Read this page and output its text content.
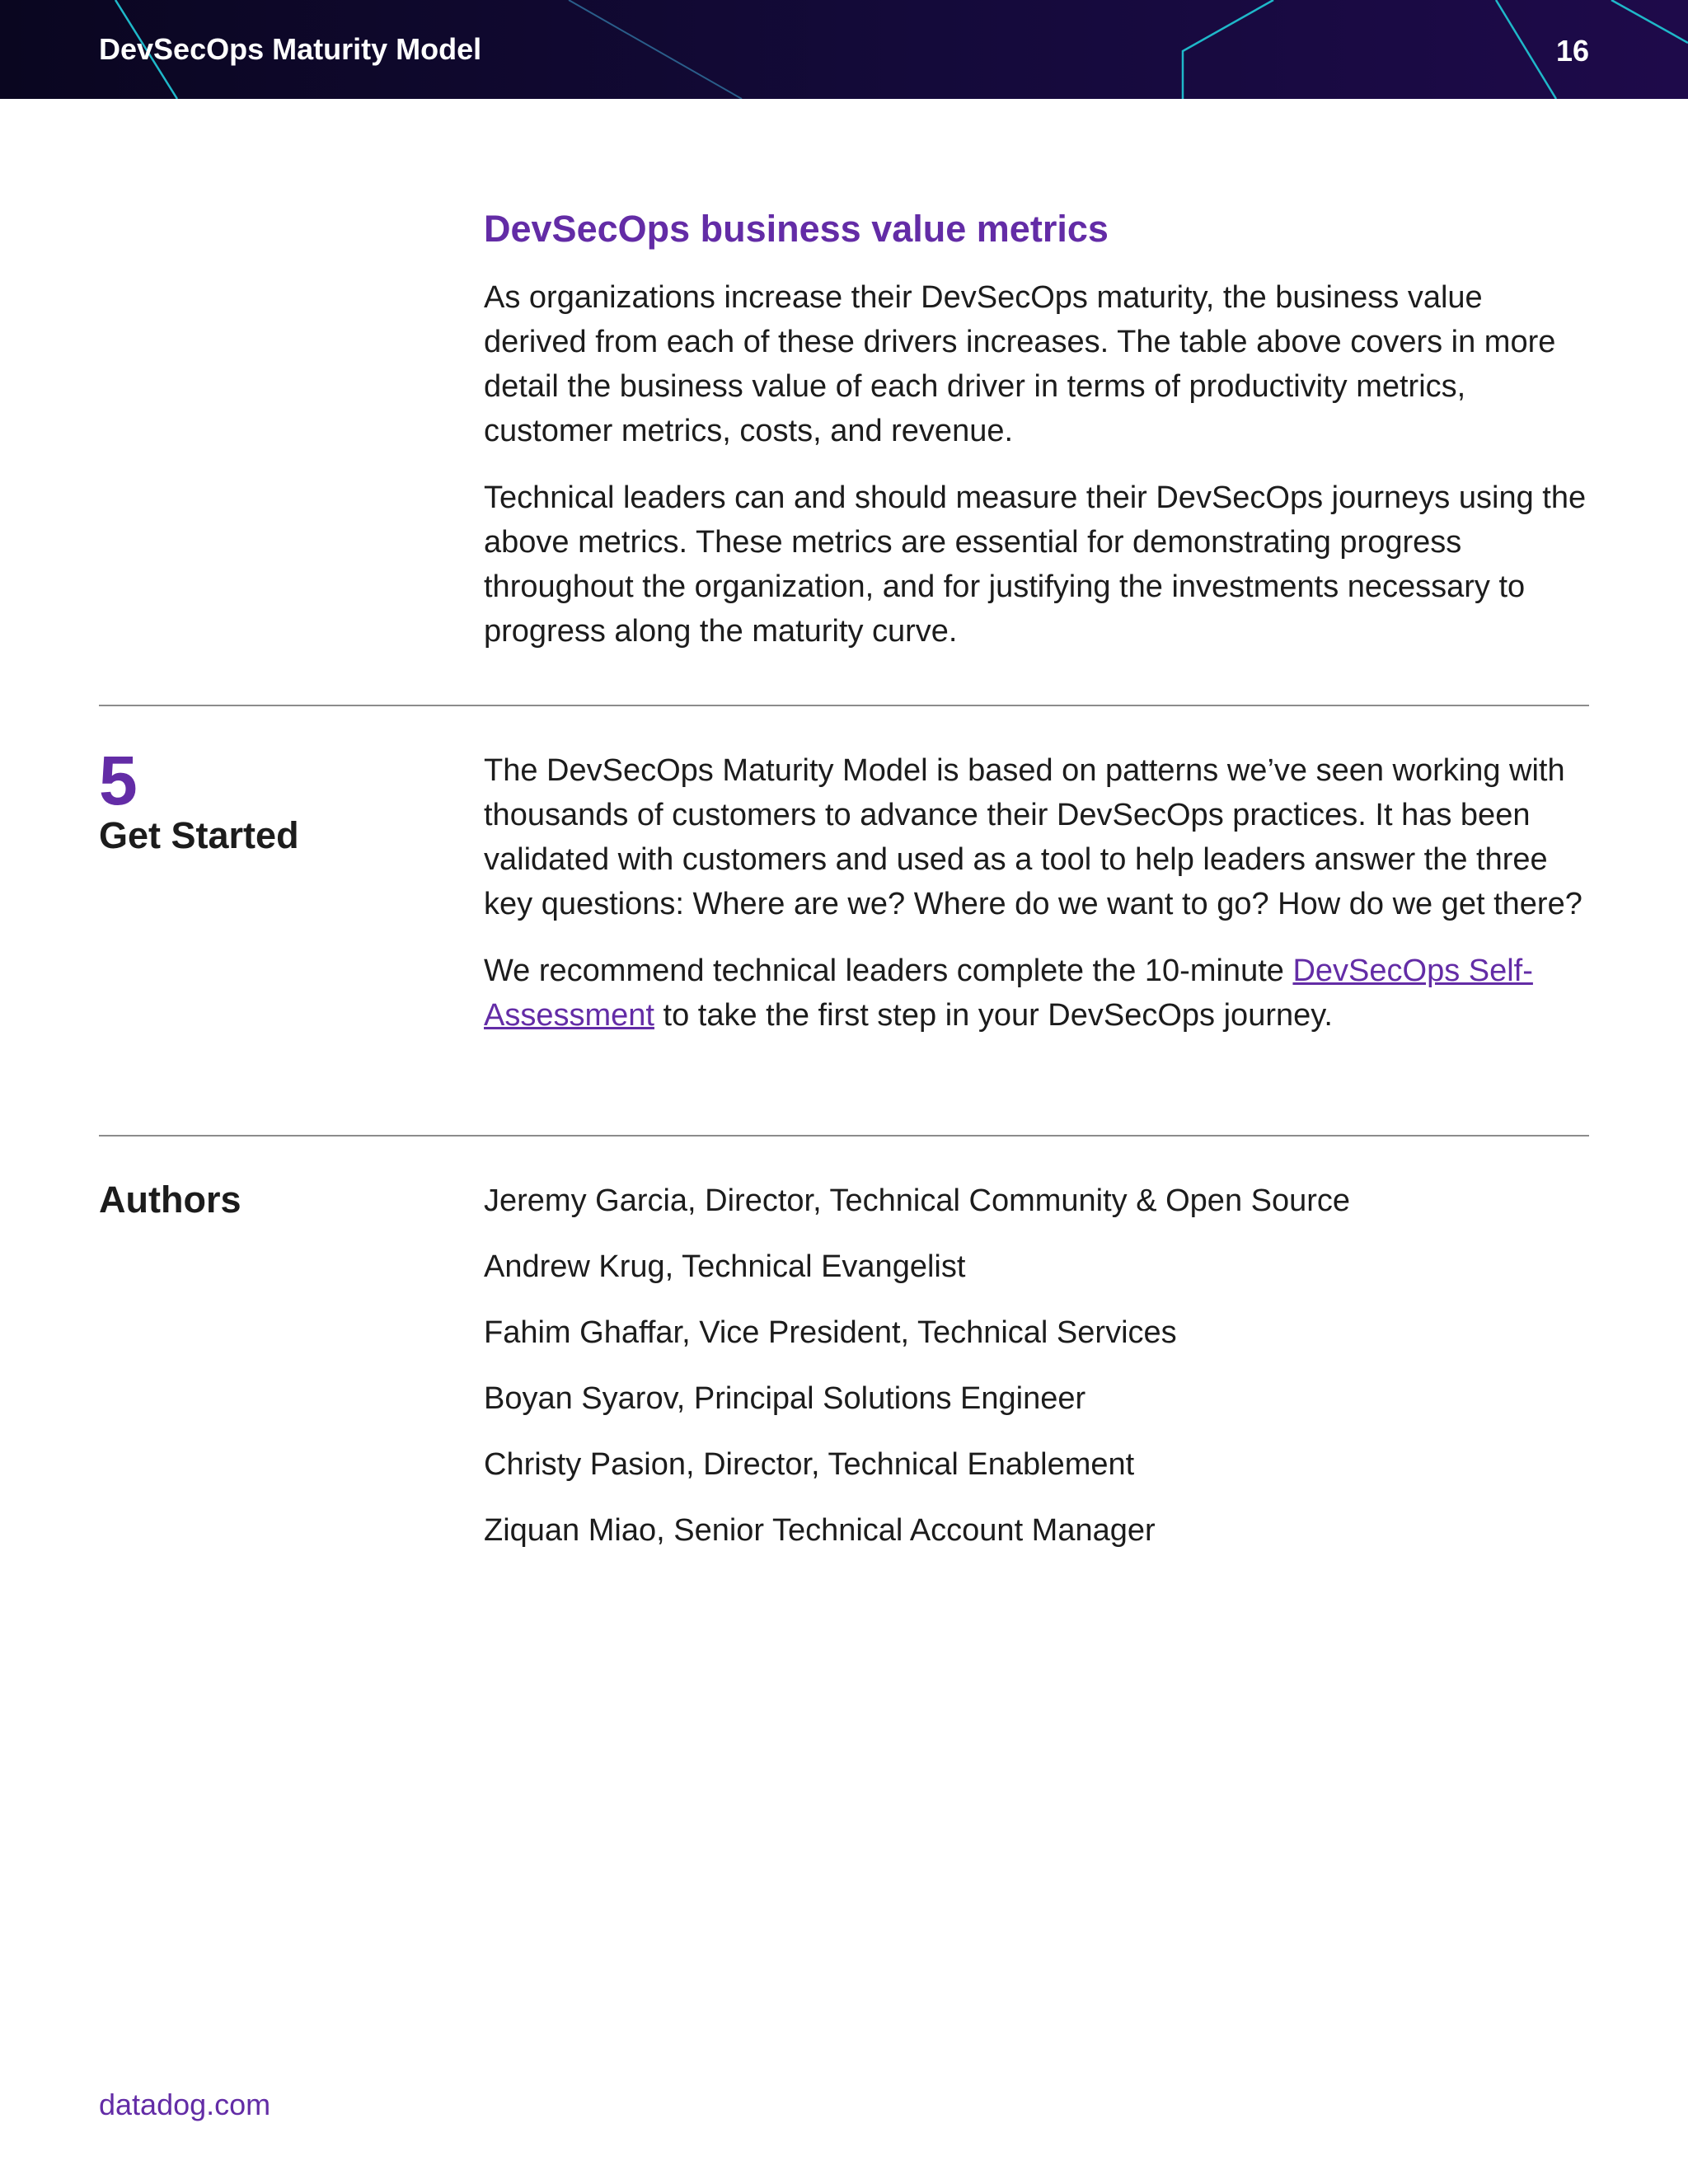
DevSecOps Maturity Model	16
DevSecOps business value metrics

As organizations increase their DevSecOps maturity, the business value derived from each of these drivers increases. The table above covers in more detail the business value of each driver in terms of productivity metrics, customer metrics, costs, and revenue.

Technical leaders can and should measure their DevSecOps journeys using the above metrics. These metrics are essential for demonstrating progress throughout the organization, and for justifying the investments necessary to progress along the maturity curve.

5
Get Started

The DevSecOps Maturity Model is based on patterns we’ve seen working with thousands of customers to advance their DevSecOps practices. It has been validated with customers and used as a tool to help leaders answer the three key questions: Where are we? Where do we want to go? How do we get there?

We recommend technical leaders complete the 10-minute DevSecOps Self-Assessment to take the first step in your DevSecOps journey.

Authors	Jeremy Garcia, Director, Technical Community & Open Source

Andrew Krug, Technical Evangelist

Fahim Ghaffar, Vice President, Technical Services

Boyan Syarov, Principal Solutions Engineer

Christy Pasion, Director, Technical Enablement

Ziquan Miao, Senior Technical Account Manager

datadog.com
